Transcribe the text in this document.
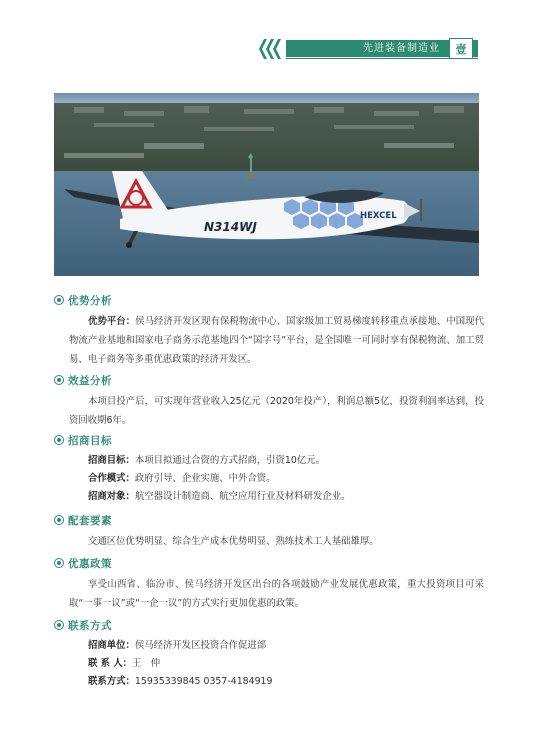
先进装备制造业	壹
N314WJ
HEXCEL
优势分析
优势平台：侯马经济开发区现有保税物流中心、国家级加工贸易梯度转移重点承接地、中国现代物流产业基地和国家电子商务示范基地四个“国字号”平台，是全国唯一可同时享有保税物流、加工贸易、电子商务等多重优惠政策的经济开发区。
效益分析
本项目投产后，可实现年营业收入25亿元（2020年投产），利润总额5亿，投资利润率达到，投资回收期6年。
招商目标
招商目标：本项目拟通过合资的方式招商，引资10亿元。
合作模式：政府引导、企业实施、中外合资。
招商对象：航空器设计制造商、航空应用行业及材料研发企业。
配套要素
交通区位优势明显、综合生产成本优势明显、熟练技术工人基础雄厚。
优惠政策
享受山西省、临汾市、侯马经济开发区出台的各项鼓励产业发展优惠政策，重大投资项目可采取“一事一议”或“一企一议”的方式实行更加优惠的政策。
联系方式
招商单位：侯马经济开发区投资合作促进部
联 系 人：王　仲
联系方式：15935339845 0357-4184919
